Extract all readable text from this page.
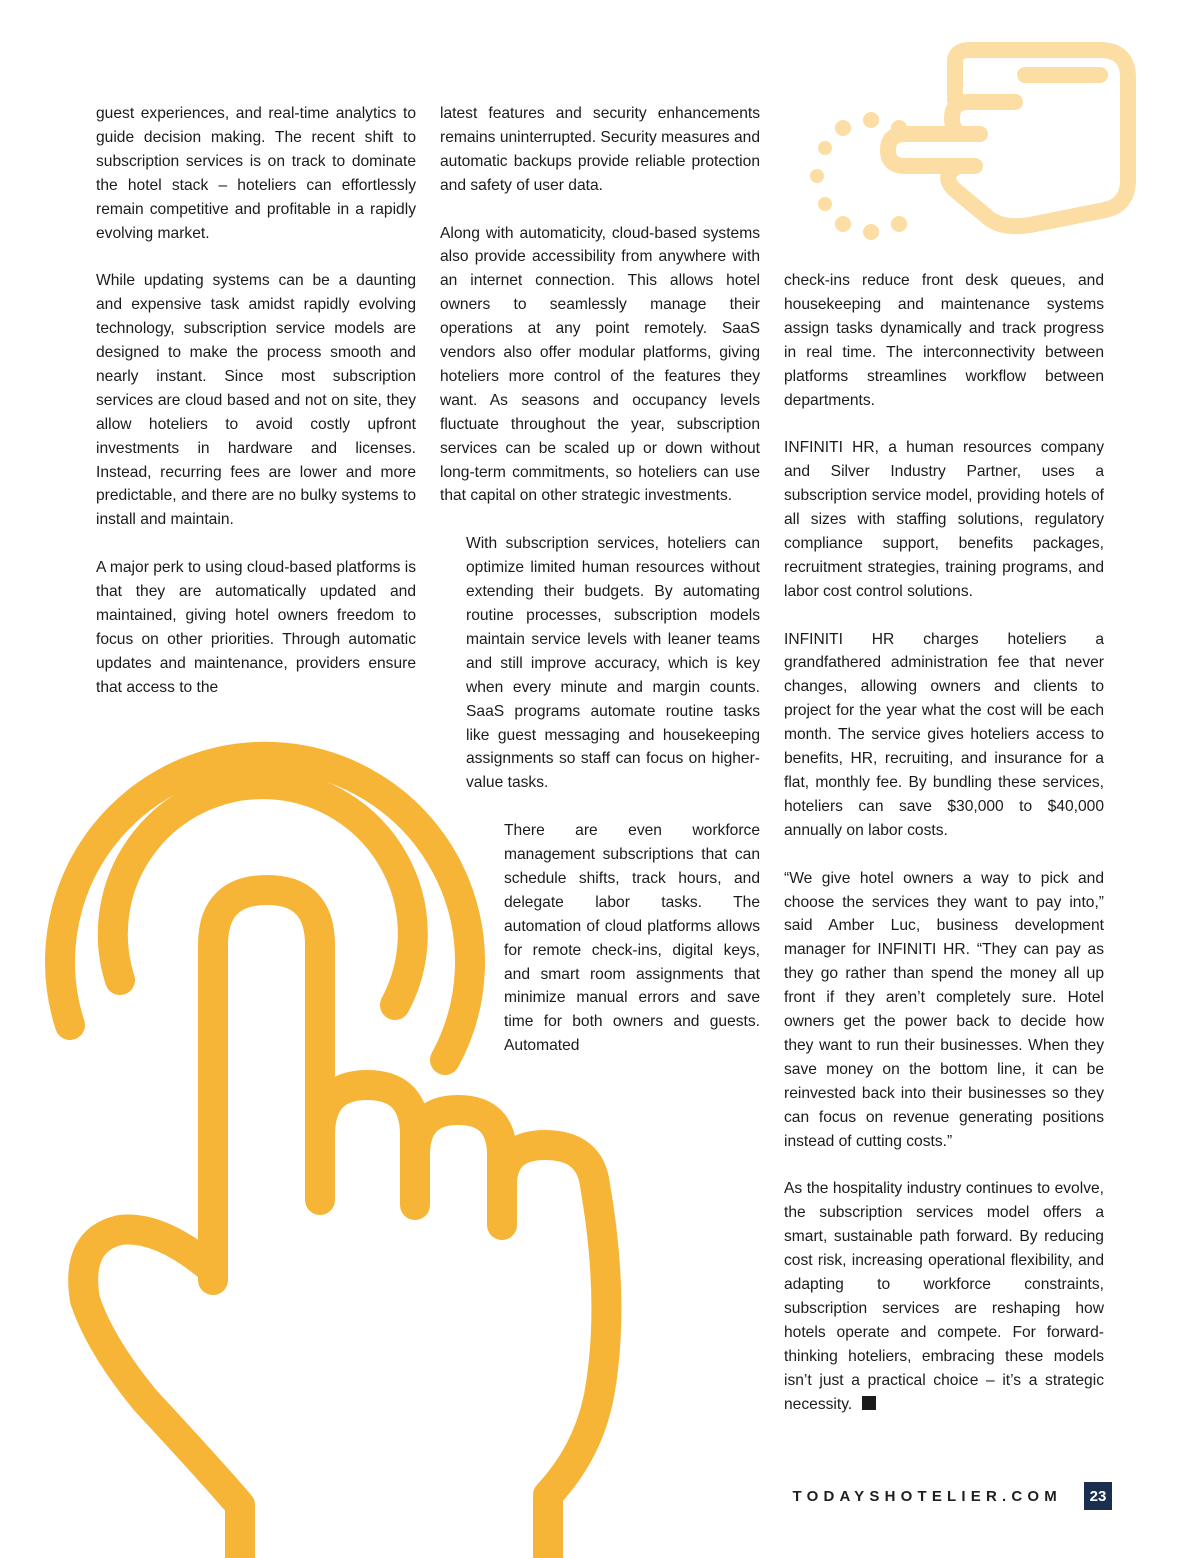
guest experiences, and real-time analytics to guide decision making. The recent shift to subscription services is on track to dominate the hotel stack – hoteliers can effortlessly remain competitive and profitable in a rapidly evolving market.

While updating systems can be a daunting and expensive task amidst rapidly evolving technology, subscription service models are designed to make the process smooth and nearly instant. Since most subscription services are cloud based and not on site, they allow hoteliers to avoid costly upfront investments in hardware and licenses. Instead, recurring fees are lower and more predictable, and there are no bulky systems to install and maintain.

A major perk to using cloud-based platforms is that they are automatically updated and maintained, giving hotel owners freedom to focus on other priorities. Through automatic updates and maintenance, providers ensure that access to the

latest features and security enhancements remains uninterrupted. Security measures and automatic backups provide reliable protection and safety of user data.

Along with automaticity, cloud-based systems also provide accessibility from anywhere with an internet connection. This allows hotel owners to seamlessly manage their operations at any point remotely. SaaS vendors also offer modular platforms, giving hoteliers more control of the features they want. As seasons and occupancy levels fluctuate throughout the year, subscription services can be scaled up or down without long-term commitments, so hoteliers can use that capital on other strategic investments.

With subscription services, hoteliers can optimize limited human resources without extending their budgets. By automating routine processes, subscription models maintain service levels with leaner teams and still improve accuracy, which is key when every minute and margin counts. SaaS programs automate routine tasks like guest messaging and housekeeping assignments so staff can focus on higher-value tasks.

There are even workforce management subscriptions that can schedule shifts, track hours, and delegate labor tasks. The automation of cloud platforms allows for remote check-ins, digital keys, and smart room assignments that minimize manual errors and save time for both owners and guests. Automated

check-ins reduce front desk queues, and housekeeping and maintenance systems assign tasks dynamically and track progress in real time. The interconnectivity between platforms streamlines workflow between departments.

INFINITI HR, a human resources company and Silver Industry Partner, uses a subscription service model, providing hotels of all sizes with staffing solutions, regulatory compliance support, benefits packages, recruitment strategies, training programs, and labor cost control solutions.

INFINITI HR charges hoteliers a grandfathered administration fee that never changes, allowing owners and clients to project for the year what the cost will be each month. The service gives hoteliers access to benefits, HR, recruiting, and insurance for a flat, monthly fee. By bundling these services, hoteliers can save $30,000 to $40,000 annually on labor costs.

“We give hotel owners a way to pick and choose the services they want to pay into,” said Amber Luc, business development manager for INFINITI HR. “They can pay as they go rather than spend the money all up front if they aren’t completely sure. Hotel owners get the power back to decide how they want to run their businesses. When they save money on the bottom line, it can be reinvested back into their businesses so they can focus on revenue generating positions instead of cutting costs.”

As the hospitality industry continues to evolve, the subscription services model offers a smart, sustainable path forward. By reducing cost risk, increasing operational flexibility, and adapting to workforce constraints, subscription services are reshaping how hotels operate and compete. For forward-thinking hoteliers, embracing these models isn’t just a practical choice – it’s a strategic necessity.

TODAYSHOTELIER.COM	23
